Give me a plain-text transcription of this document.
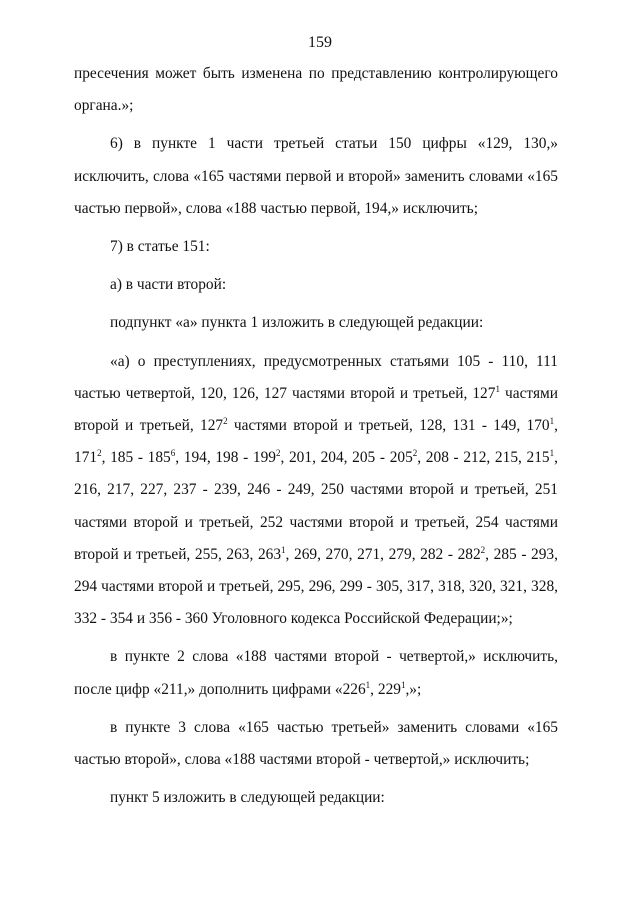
159

пресечения может быть изменена по представлению контролирующего органа.»;

6) в пункте 1 части третьей статьи 150 цифры «129, 130,» исключить, слова «165 частями первой и второй» заменить словами «165 частью первой», слова «188 частью первой, 194,» исключить;

7) в статье 151:

а) в части второй:

подпункт «а» пункта 1 изложить в следующей редакции:

«а) о преступлениях, предусмотренных статьями 105 - 110, 111 частью четвертой, 120, 126, 127 частями второй и третьей, $127^1$ частями второй и третьей, $127^2$ частями второй и третьей, 128, 131 - 149, $170^1$, $171^2$, $185 - 185^6$, 194, $198 - 199^2$, 201, 204, $205 - 205^2$, 208 - 212, 215, $215^1$, 216, 217, 227, 237 - 239, 246 - 249, 250 частями второй и третьей, 251 частями второй и третьей, 252 частями второй и третьей, 254 частями второй и третьей, 255, 263, $263^1$, 269, 270, 271, 279, $282 - 282^2$, 285 - 293, 294 частями второй и третьей, 295, 296, 299 - 305, 317, 318, 320, 321, 328, 332 - 354 и 356 - 360 Уголовного кодекса Российской Федерации;»;

в пункте 2 слова «188 частями второй - четвертой,» исключить, после цифр «211,» дополнить цифрами «$226^1$, $229^1$,»;

в пункте 3 слова «165 частью третьей» заменить словами «165 частью второй», слова «188 частями второй - четвертой,» исключить;

пункт 5 изложить в следующей редакции:
